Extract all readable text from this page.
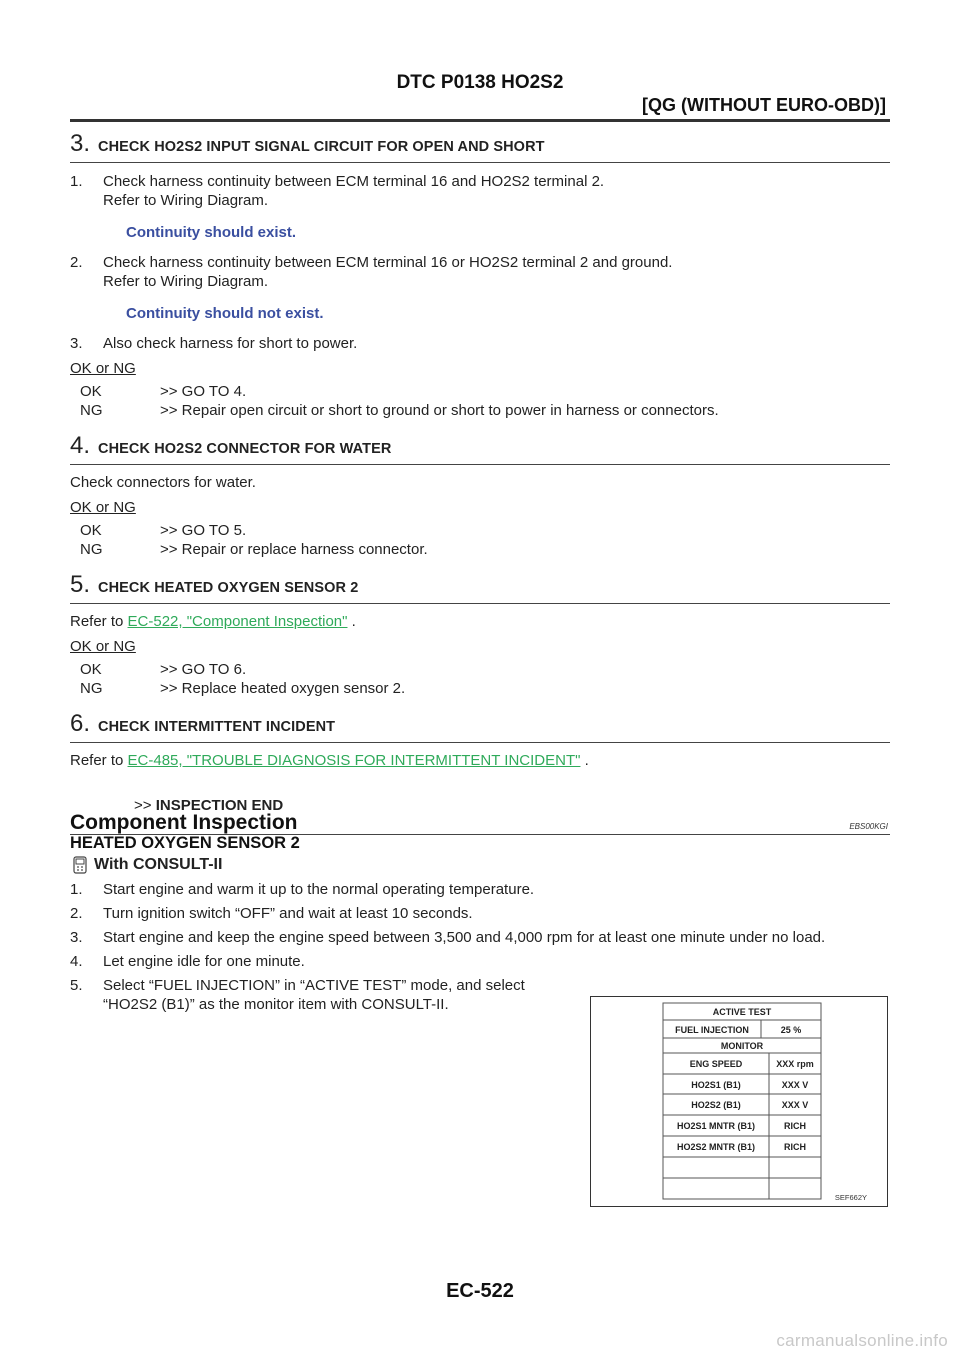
DTC P0138 HO2S2
[QG (WITHOUT EURO-OBD)]
3. CHECK HO2S2 INPUT SIGNAL CIRCUIT FOR OPEN AND SHORT
1.	Check harness continuity between ECM terminal 16 and HO2S2 terminal 2.
Refer to Wiring Diagram.
Continuity should exist.
2.	Check harness continuity between ECM terminal 16 or HO2S2 terminal 2 and ground.
Refer to Wiring Diagram.
Continuity should not exist.
3.	Also check harness for short to power.
OK or NG
OK	>> GO TO 4.
NG	>> Repair open circuit or short to ground or short to power in harness or connectors.
4. CHECK HO2S2 CONNECTOR FOR WATER
Check connectors for water.
OK or NG
OK	>> GO TO 5.
NG	>> Repair or replace harness connector.
5. CHECK HEATED OXYGEN SENSOR 2
Refer to EC-522, "Component Inspection" .
OK or NG
OK	>> GO TO 6.
NG	>> Replace heated oxygen sensor 2.
6. CHECK INTERMITTENT INCIDENT
Refer to EC-485, "TROUBLE DIAGNOSIS FOR INTERMITTENT INCIDENT" .
>> INSPECTION END
Component Inspection	EBS00KGI
HEATED OXYGEN SENSOR 2
With CONSULT-II
1.	Start engine and warm it up to the normal operating temperature.
2.	Turn ignition switch “OFF” and wait at least 10 seconds.
3.	Start engine and keep the engine speed between 3,500 and 4,000 rpm for at least one minute under no load.
4.	Let engine idle for one minute.
5.	Select “FUEL INJECTION” in “ACTIVE TEST” mode, and select “HO2S2 (B1)” as the monitor item with CONSULT-II.	ACTIVE TEST
FUEL INJECTION	25 %
MONITOR
ENG SPEED	XXX rpm
HO2S1 (B1)	XXX V
HO2S2 (B1)	XXX V
HO2S1 MNTR (B1)	RICH
HO2S2 MNTR (B1)	RICH
SEF662Y
EC-522
carmanualsonline.info
